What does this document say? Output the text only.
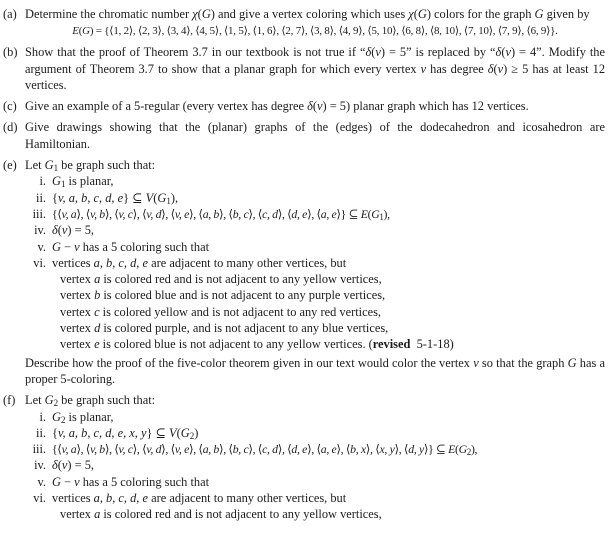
(a) Determine the chromatic number χ(G) and give a vertex coloring which uses χ(G) colors for the graph G given by
E(G) = {⟨1, 2⟩, ⟨2, 3⟩, ⟨3, 4⟩, ⟨4, 5⟩, ⟨1, 5⟩, ⟨1, 6⟩, ⟨2, 7⟩, ⟨3, 8⟩, ⟨4, 9⟩, ⟨5, 10⟩, ⟨6, 8⟩, ⟨8, 10⟩, ⟨7, 10⟩, ⟨7, 9⟩, ⟨6, 9⟩}.
(b) Show that the proof of Theorem 3.7 in our textbook is not true if “δ(v) = 5” is replaced by “δ(v) = 4”. Modify the argument of Theorem 3.7 to show that a planar graph for which every vertex v has degree δ(v) ≥ 5 has at least 12 vertices.
(c) Give an example of a 5-regular (every vertex has degree δ(v) = 5) planar graph which has 12 vertices.
(d) Give drawings showing that the (planar) graphs of the (edges) of the dodecahedron and icosahedron are Hamiltonian.
(e) Let $G_1$ be graph such that:
i. $G_1$ is planar,
ii. {v, a, b, c, d, e} ⊆ $V(G_1)$,
iii. {⟨v, a⟩, ⟨v, b⟩, ⟨v, c⟩, ⟨v, d⟩, ⟨v, e⟩, ⟨a, b⟩, ⟨b, c⟩, ⟨c, d⟩, ⟨d, e⟩, ⟨a, e⟩} ⊆ $E(G_1)$,
iv. δ(v) = 5,
v. G − v has a 5 coloring such that
vi. vertices a, b, c, d, e are adjacent to many other vertices, but
vertex a is colored red and is not adjacent to any yellow vertices,
vertex b is colored blue and is not adjacent to any purple vertices,
vertex c is colored yellow and is not adjacent to any red vertices,
vertex d is colored purple, and is not adjacent to any blue vertices,
vertex e is colored blue is not adjacent to any yellow vertices. (revised  5-1-18)
Describe how the proof of the five-color theorem given in our text would color the vertex v so that the graph G has a proper 5-coloring.
(f) Let $G_2$ be graph such that:
i. $G_2$ is planar,
ii. {v, a, b, c, d, e, x, y} ⊆ $V(G_2)$
iii. {⟨v, a⟩, ⟨v, b⟩, ⟨v, c⟩, ⟨v, d⟩, ⟨v, e⟩, ⟨a, b⟩, ⟨b, c⟩, ⟨c, d⟩, ⟨d, e⟩, ⟨a, e⟩, ⟨b, x⟩, ⟨x, y⟩, ⟨d, y⟩} ⊆ $E(G_2)$,
iv. δ(v) = 5,
v. G − v has a 5 coloring such that
vi. vertices a, b, c, d, e are adjacent to many other vertices, but
vertex a is colored red and is not adjacent to any yellow vertices,
